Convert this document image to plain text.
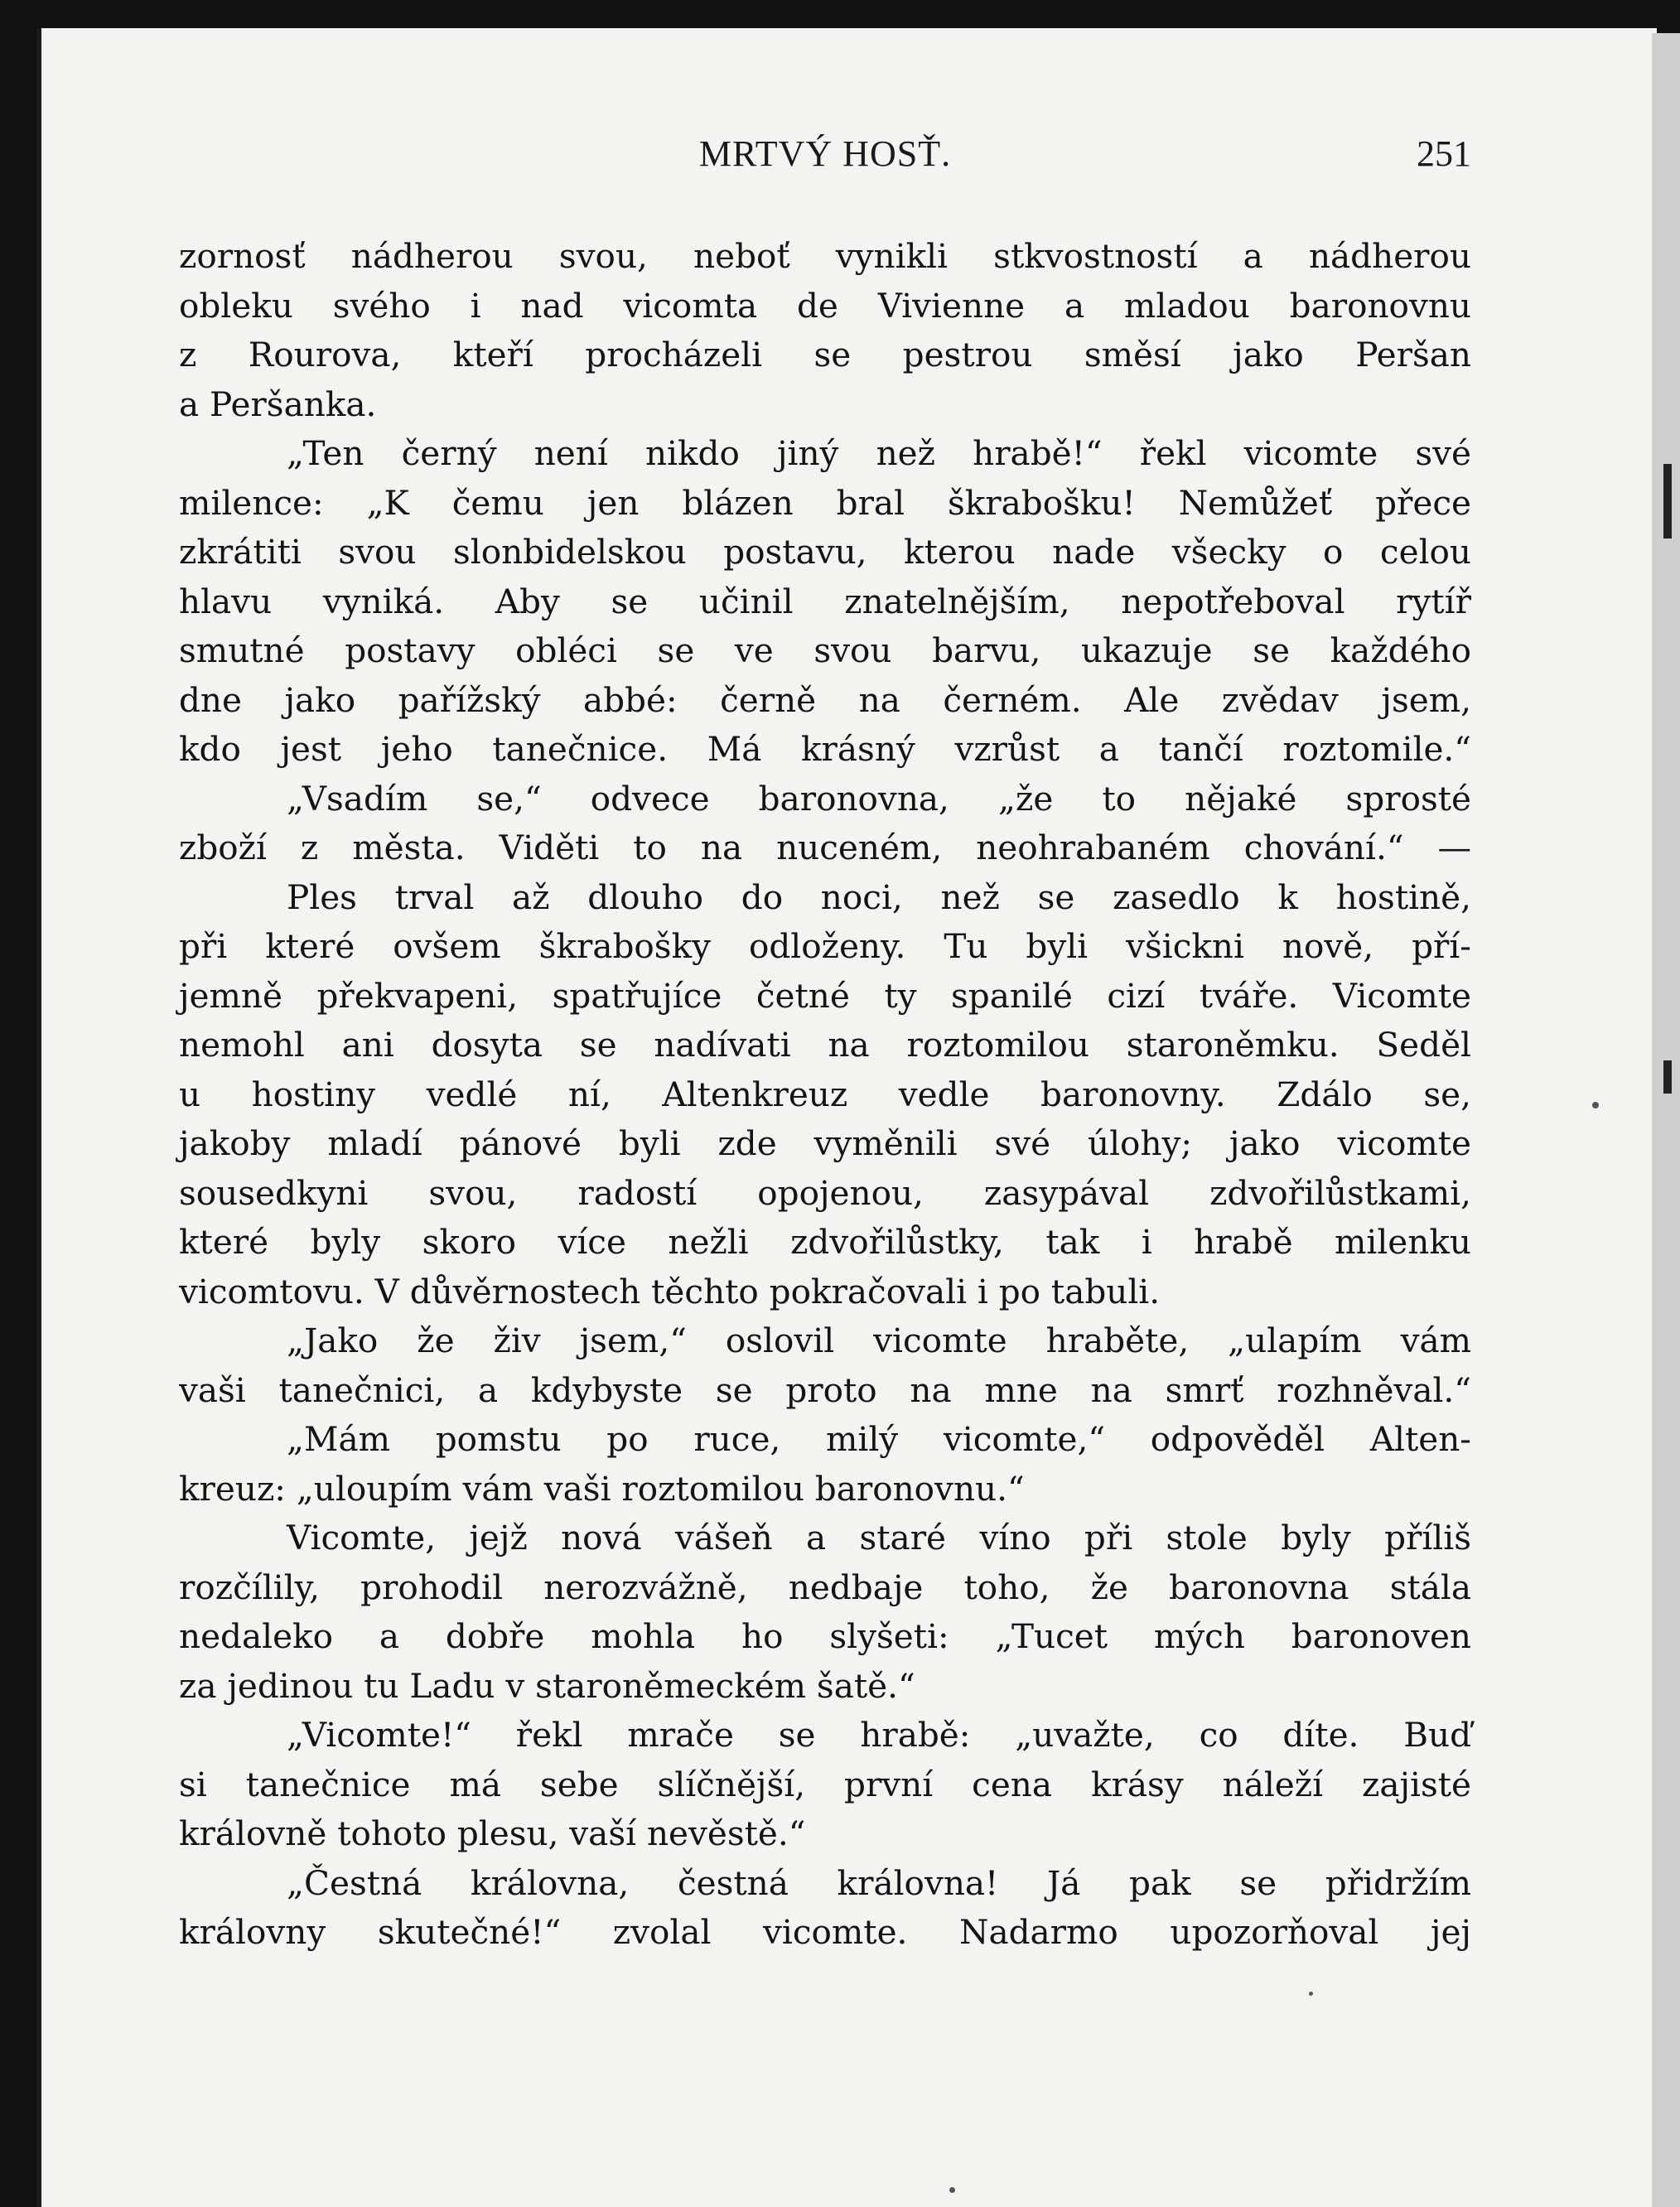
MRTVÝ HOSŤ.	251
zornosť nádherou svou, neboť vynikli stkvostností a nádherou
obleku svého i nad vicomta de Vivienne a mladou baronovnu
z Rourova, kteří procházeli se pestrou směsí jako Peršan
a Peršanka.
„Ten černý není nikdo jiný než hrabě!“ řekl vicomte své
milence: „K čemu jen blázen bral škrabošku! Nemůžeť přece
zkrátiti svou slonbidelskou postavu, kterou nade všecky o celou
hlavu vyniká. Aby se učinil znatelnějším, nepotřeboval rytíř
smutné postavy obléci se ve svou barvu, ukazuje se každého
dne jako pařížský abbé: černě na černém. Ale zvědav jsem,
kdo jest jeho tanečnice. Má krásný vzrůst a tančí roztomile.“
„Vsadím se,“ odvece baronovna, „že to nějaké sprosté
zboží z města. Viděti to na nuceném, neohrabaném chování.“ —
Ples trval až dlouho do noci, než se zasedlo k hostině,
při které ovšem škrabošky odloženy. Tu byli všickni nově, pří-
jemně překvapeni, spatřujíce četné ty spanilé cizí tváře. Vicomte
nemohl ani dosyta se nadívati na roztomilou staroněmku. Seděl
u hostiny vedlé ní, Altenkreuz vedle baronovny. Zdálo se,
jakoby mladí pánové byli zde vyměnili své úlohy; jako vicomte
sousedkyni svou, radostí opojenou, zasypával zdvořilůstkami,
které byly skoro více nežli zdvořilůstky, tak i hrabě milenku
vicomtovu. V důvěrnostech těchto pokračovali i po tabuli.
„Jako že živ jsem,“ oslovil vicomte hraběte, „ulapím vám
vaši tanečnici, a kdybyste se proto na mne na smrť rozhněval.“
„Mám pomstu po ruce, milý vicomte,“ odpověděl Alten-
kreuz: „uloupím vám vaši roztomilou baronovnu.“
Vicomte, jejž nová vášeň a staré víno při stole byly příliš
rozčílily, prohodil nerozvážně, nedbaje toho, že baronovna stála
nedaleko a dobře mohla ho slyšeti: „Tucet mých baronoven
za jedinou tu Ladu v staroněmeckém šatě.“
„Vicomte!“ řekl mrače se hrabě: „uvažte, co díte. Buď
si tanečnice má sebe slíčnější, první cena krásy náleží zajisté
královně tohoto plesu, vaší nevěstě.“
„Čestná královna, čestná královna! Já pak se přidržím
královny skutečné!“ zvolal vicomte. Nadarmo upozorňoval jej
